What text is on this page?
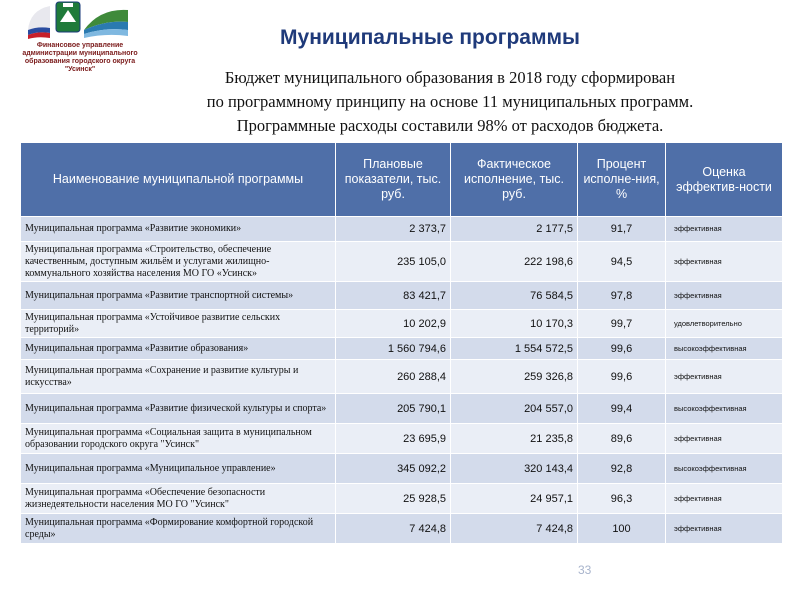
Финансовое управление
администрации муниципального
образования городского округа
"Усинск"
Муниципальные программы
Бюджет муниципального образования в 2018 году сформирован
по программному принципу на основе 11 муниципальных программ.
Программные расходы составили 98% от расходов бюджета.
Наименование муниципальной программы	Плановые показатели, тыс. руб.	Фактическое исполнение, тыс. руб.	Процент исполне-ния, %	Оценка эффектив-ности
Муниципальная программа «Развитие экономики»	2 373,7	2 177,5	91,7	эффективная
Муниципальная программа «Строительство, обеспечение качественным, доступным жильём и услугами жилищно-коммунального хозяйства населения МО ГО «Усинск»	235 105,0	222 198,6	94,5	эффективная
Муниципальная программа «Развитие транспортной системы»	83 421,7	76 584,5	97,8	эффективная
Муниципальная программа «Устойчивое развитие сельских территорий»	10 202,9	10 170,3	99,7	удовлетворительно
Муниципальная программа «Развитие образования»	1 560 794,6	1 554 572,5	99,6	высокоэффективная
Муниципальная программа «Сохранение и развитие культуры и искусства»	260 288,4	259 326,8	99,6	эффективная
Муниципальная программа «Развитие физической культуры и спорта»	205 790,1	204 557,0	99,4	высокоэффективная
Муниципальная программа «Социальная защита в муниципальном образовании городского округа "Усинск"	23 695,9	21 235,8	89,6	эффективная
Муниципальная программа «Муниципальное управление»	345 092,2	320 143,4	92,8	высокоэффективная
Муниципальная программа «Обеспечение безопасности жизнедеятельности населения МО ГО "Усинск"	25 928,5	24 957,1	96,3	эффективная
Муниципальная программа «Формирование комфортной городской среды»	7 424,8	7 424,8	100	эффективная
33
